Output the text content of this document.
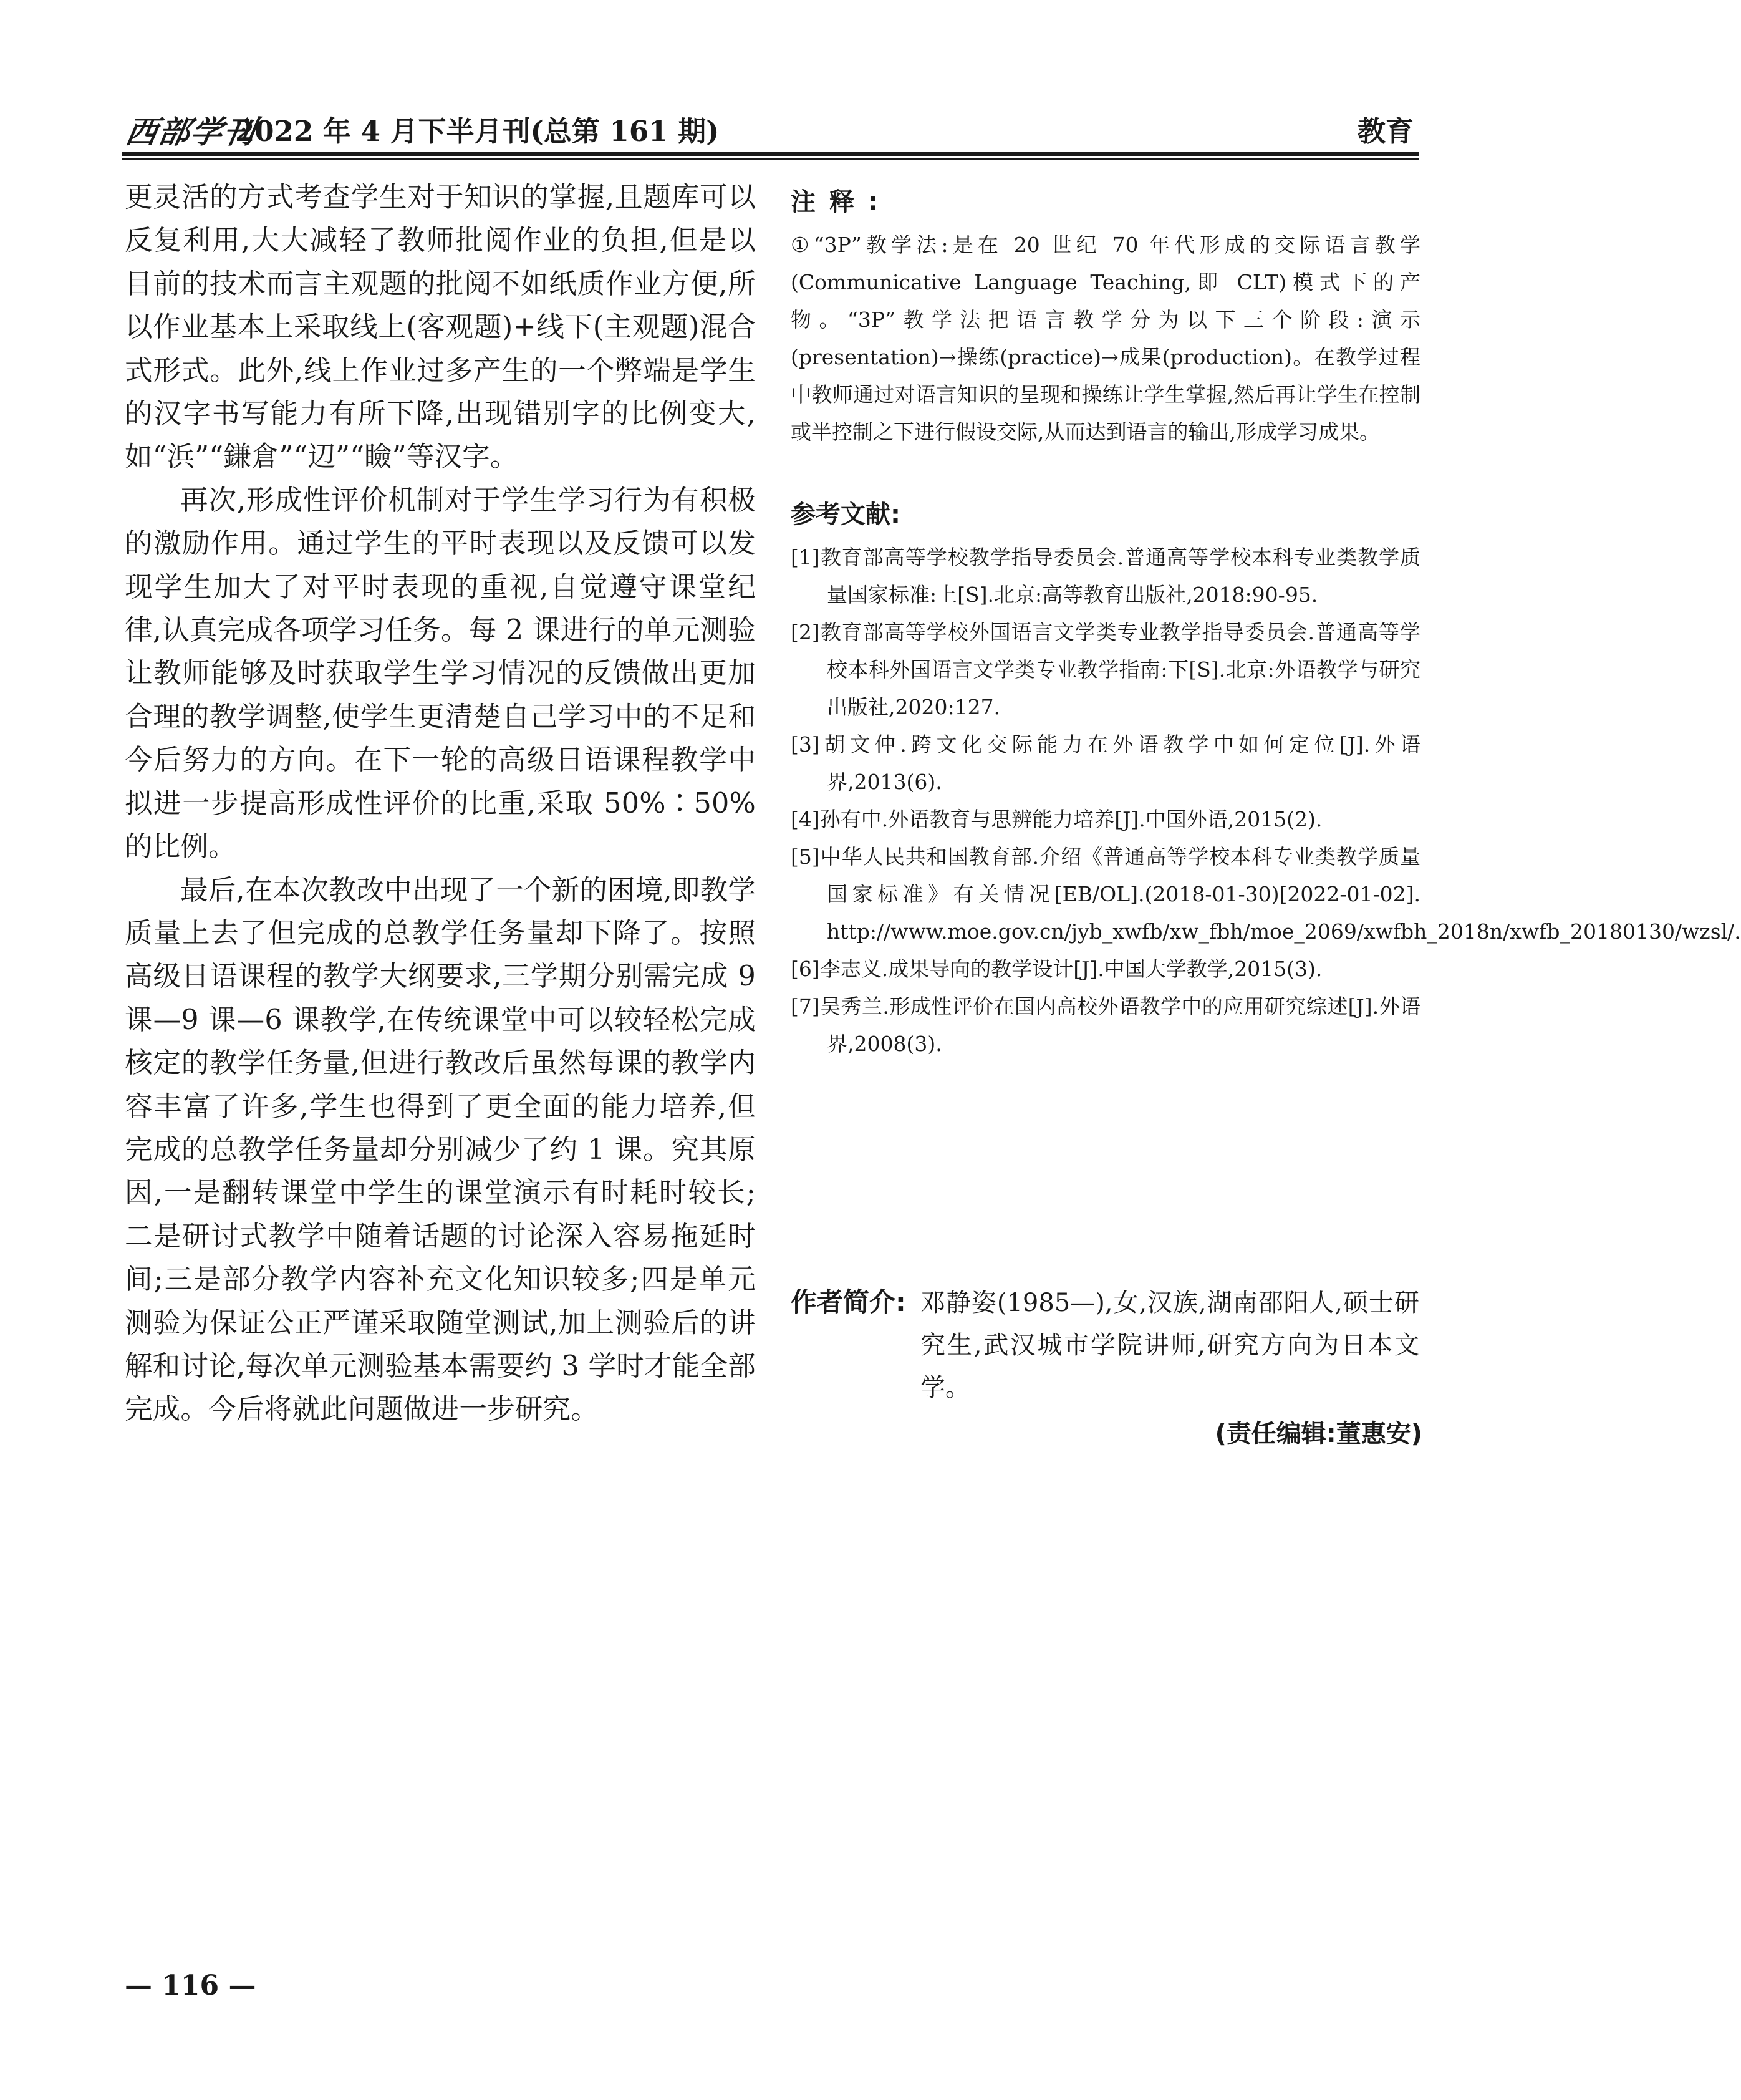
西部学刊
2022 年 4 月下半月刊(总第 161 期)	教育

更灵活的方式考查学生对于知识的掌握,且题库可以反复利用,大大减轻了教师批阅作业的负担,但是以目前的技术而言主观题的批阅不如纸质作业方便,所以作业基本上采取线上(客观题)+线下(主观题)混合式形式。此外,线上作业过多产生的一个弊端是学生的汉字书写能力有所下降,出现错别字的比例变大,如“浜”“鎌倉”“辺”“瞼”等汉字。

再次,形成性评价机制对于学生学习行为有积极的激励作用。通过学生的平时表现以及反馈可以发现学生加大了对平时表现的重视,自觉遵守课堂纪律,认真完成各项学习任务。每 2 课进行的单元测验让教师能够及时获取学生学习情况的反馈做出更加合理的教学调整,使学生更清楚自己学习中的不足和今后努力的方向。在下一轮的高级日语课程教学中拟进一步提高形成性评价的比重,采取 50%∶50%的比例。

最后,在本次教改中出现了一个新的困境,即教学质量上去了但完成的总教学任务量却下降了。按照高级日语课程的教学大纲要求,三学期分别需完成 9 课—9 课—6 课教学,在传统课堂中可以较轻松完成核定的教学任务量,但进行教改后虽然每课的教学内容丰富了许多,学生也得到了更全面的能力培养,但完成的总教学任务量却分别减少了约 1 课。究其原因,一是翻转课堂中学生的课堂演示有时耗时较长;二是研讨式教学中随着话题的讨论深入容易拖延时间;三是部分教学内容补充文化知识较多;四是单元测验为保证公正严谨采取随堂测试,加上测验后的讲解和讨论,每次单元测验基本需要约 3 学时才能全部完成。今后将就此问题做进一步研究。

注释:

①“3P”教学法:是在 20 世纪 70 年代形成的交际语言教学(Communicative Language Teaching,即 CLT)模式下的产物。“3P”教学法把语言教学分为以下三个阶段:演示(presentation)→操练(practice)→成果(production)。在教学过程中教师通过对语言知识的呈现和操练让学生掌握,然后再让学生在控制或半控制之下进行假设交际,从而达到语言的输出,形成学习成果。

参考文献:

[1]教育部高等学校教学指导委员会.普通高等学校本科专业类教学质量国家标准:上[S].北京:高等教育出版社,2018:90-95.
[2]教育部高等学校外国语言文学类专业教学指导委员会.普通高等学校本科外国语言文学类专业教学指南:下[S].北京:外语教学与研究出版社,2020:127.
[3]胡文仲.跨文化交际能力在外语教学中如何定位[J].外语界,2013(6).
[4]孙有中.外语教育与思辨能力培养[J].中国外语,2015(2).
[5]中华人民共和国教育部.介绍《普通高等学校本科专业类教学质量国家标准》有关情况[EB/OL].(2018-01-30)[2022-01-02]. http://www.moe.gov.cn/jyb_xwfb/xw_fbh/moe_2069/xwfbh_2018n/xwfb_20180130/wzsl/.
[6]李志义.成果导向的教学设计[J].中国大学教学,2015(3).
[7]吴秀兰.形成性评价在国内高校外语教学中的应用研究综述[J].外语界,2008(3).
作者简介: 邓静姿(1985—),女,汉族,湖南邵阳人,硕士研究生,武汉城市学院讲师,研究方向为日本文学。

(责任编辑:董惠安)
— 116 —
